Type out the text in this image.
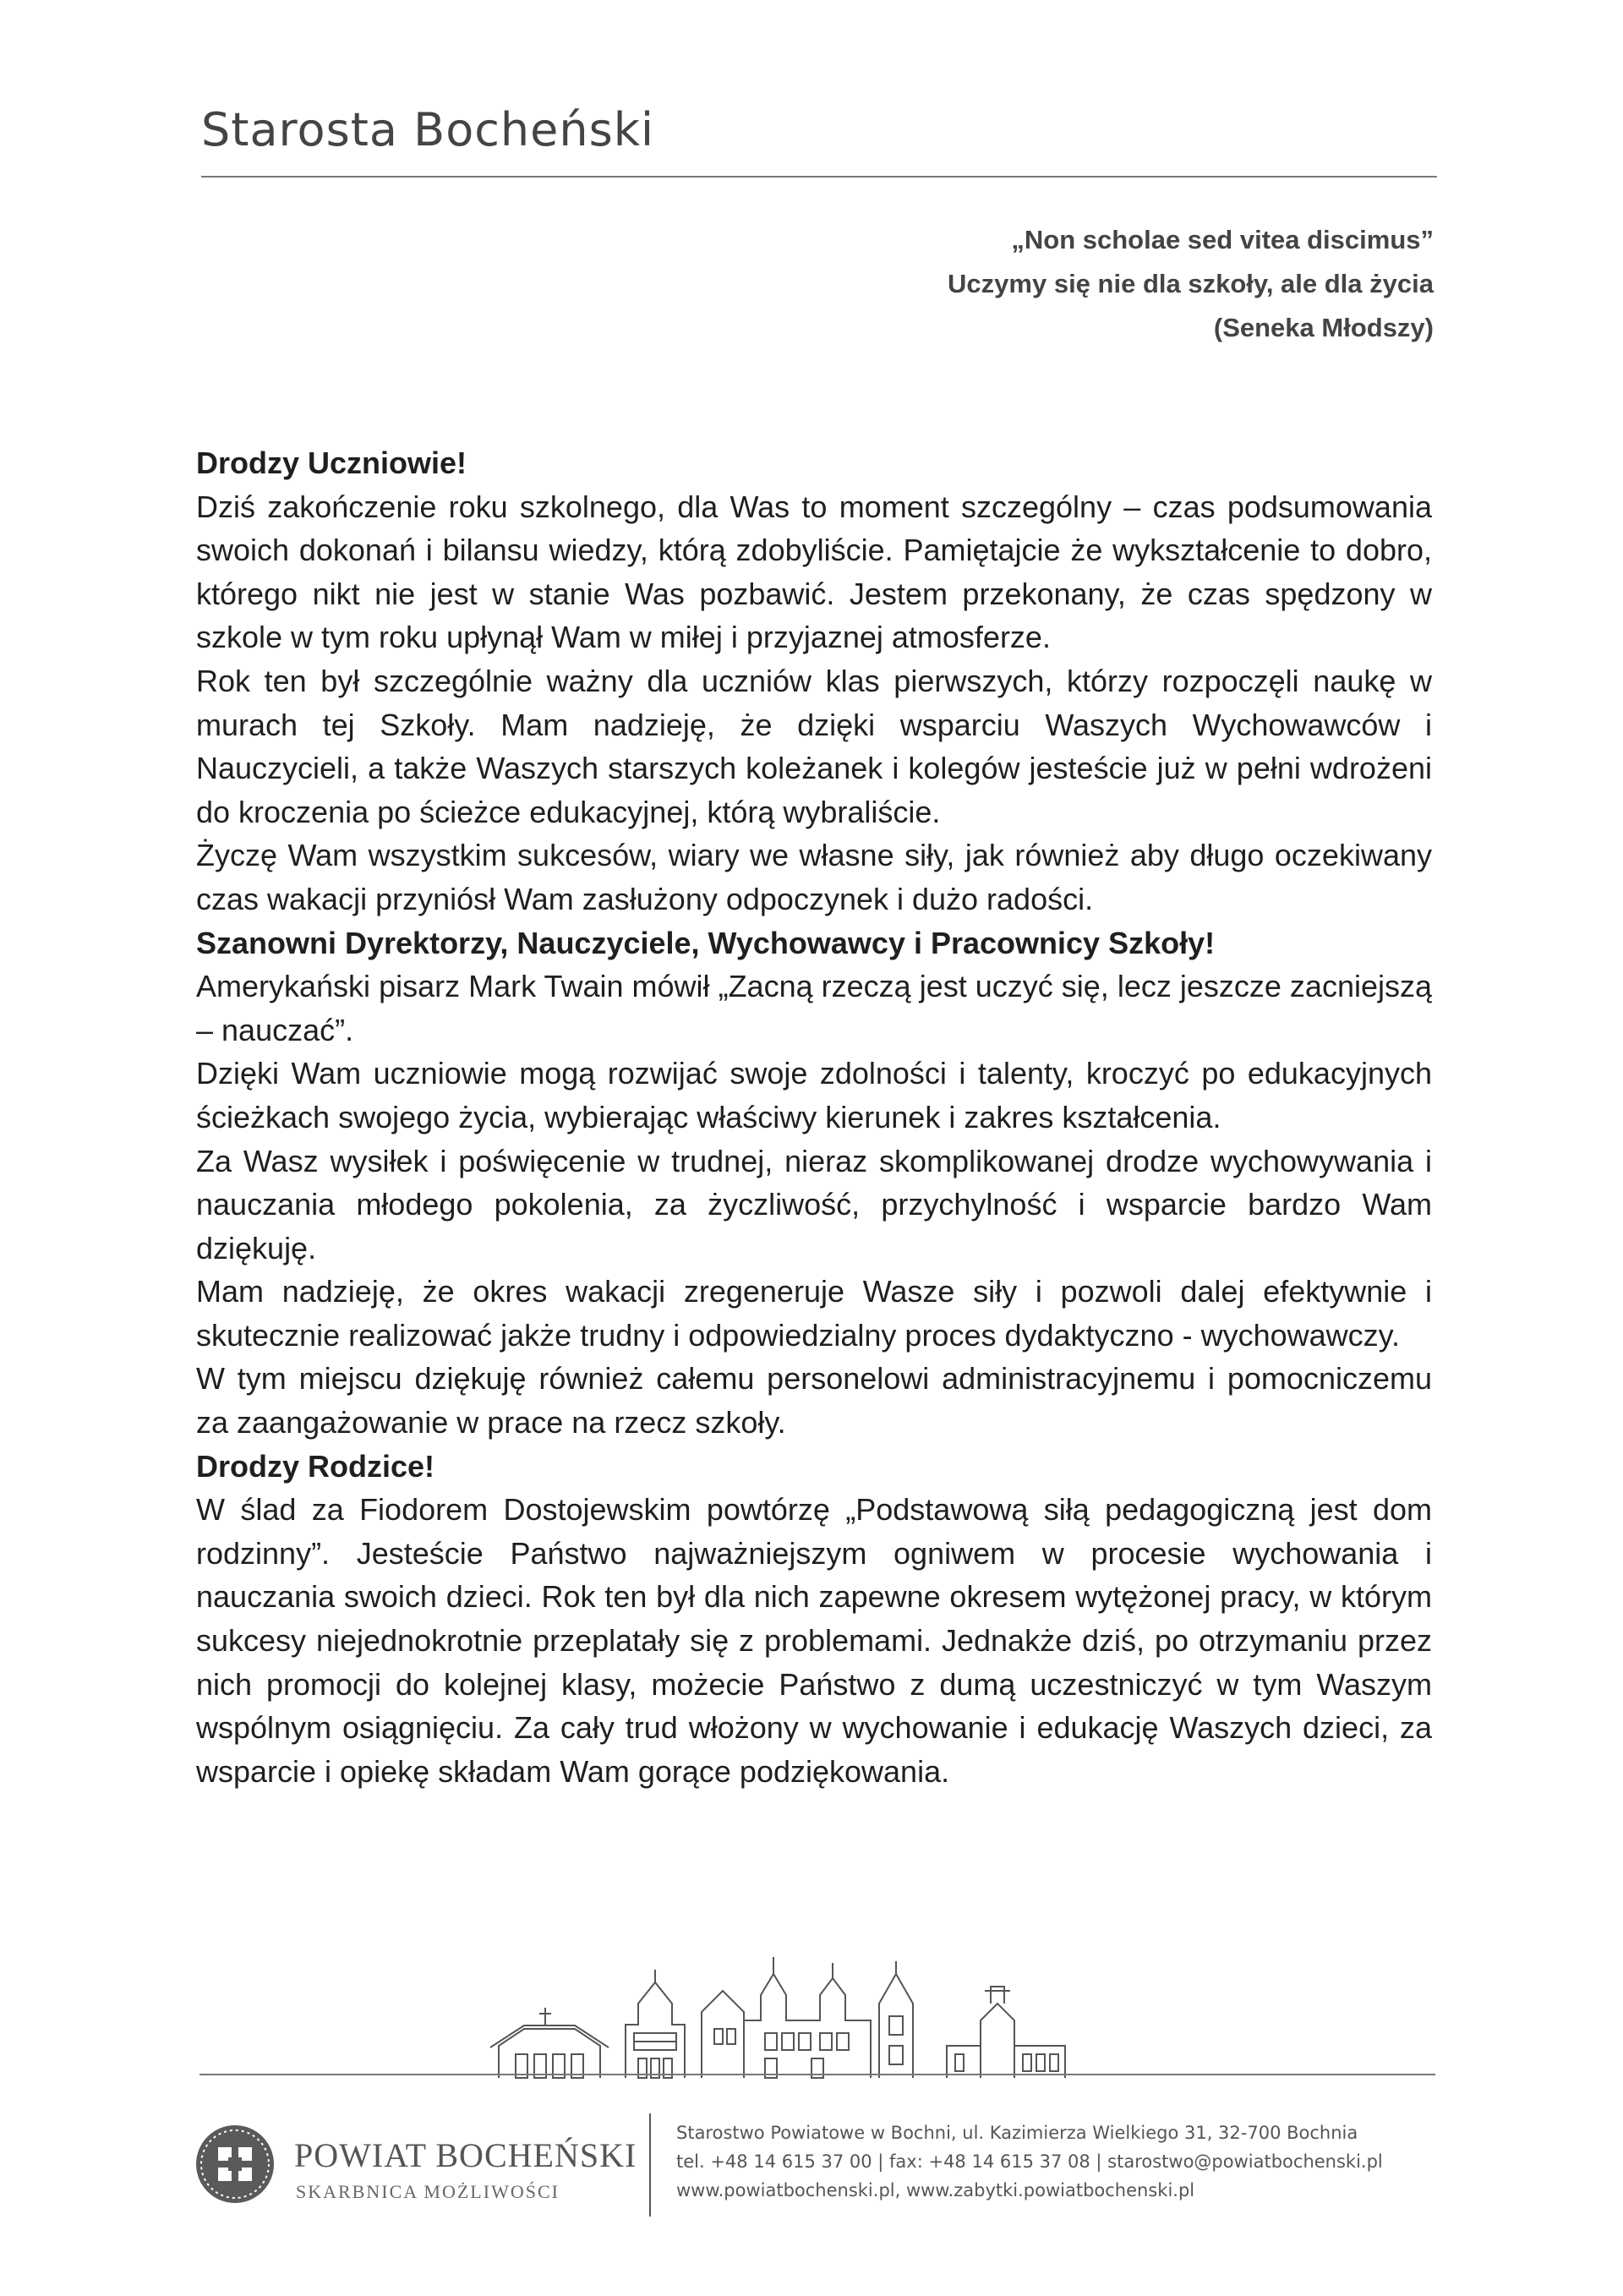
Starosta Bocheński
„Non scholae sed vitea discimus”
Uczymy się nie dla szkoły, ale dla życia
(Seneka Młodszy)

Drodzy Uczniowie!

Dziś zakończenie roku szkolnego, dla Was to moment szczególny – czas podsumowania swoich dokonań i bilansu wiedzy, którą zdobyliście. Pamiętajcie że wykształcenie to dobro, którego nikt nie jest w stanie Was pozbawić. Jestem przekonany, że czas spędzony w szkole w tym roku upłynął Wam w miłej i przyjaznej atmosferze.

Rok ten był szczególnie ważny dla uczniów klas pierwszych, którzy rozpoczęli naukę w murach tej Szkoły. Mam nadzieję, że dzięki wsparciu Waszych Wychowawców i Nauczycieli, a także Waszych starszych koleżanek i kolegów jesteście już w pełni wdrożeni do kroczenia po ścieżce edukacyjnej, którą wybraliście.

Życzę Wam wszystkim sukcesów, wiary we własne siły, jak również aby długo oczekiwany czas wakacji przyniósł Wam zasłużony odpoczynek i dużo radości.

Szanowni Dyrektorzy, Nauczyciele, Wychowawcy i Pracownicy Szkoły!

Amerykański pisarz Mark Twain mówił „Zacną rzeczą jest uczyć się, lecz jeszcze zacniejszą – nauczać”.

Dzięki Wam uczniowie mogą rozwijać swoje zdolności i talenty, kroczyć po edukacyjnych ścieżkach swojego życia, wybierając właściwy kierunek i zakres kształcenia.

Za Wasz wysiłek i poświęcenie w trudnej, nieraz skomplikowanej drodze wychowywania i nauczania młodego pokolenia, za życzliwość, przychylność i wsparcie bardzo Wam dziękuję.

Mam nadzieję, że okres wakacji zregeneruje Wasze siły i pozwoli dalej efektywnie i skutecznie realizować jakże trudny i odpowiedzialny proces dydaktyczno - wychowawczy.

W tym miejscu dziękuję również całemu personelowi administracyjnemu i pomocniczemu za zaangażowanie w prace na rzecz szkoły.

Drodzy Rodzice!

W ślad za Fiodorem Dostojewskim powtórzę „Podstawową siłą pedagogiczną jest dom rodzinny”. Jesteście Państwo najważniejszym ogniwem w procesie wychowania i nauczania swoich dzieci. Rok ten był dla nich zapewne okresem wytężonej pracy, w którym sukcesy niejednokrotnie przeplatały się z problemami. Jednakże dziś, po otrzymaniu przez nich promocji do kolejnej klasy, możecie Państwo z dumą uczestniczyć w tym Waszym wspólnym osiągnięciu. Za cały trud włożony w wychowanie i edukację Waszych dzieci, za wsparcie i opiekę składam Wam gorące podziękowania.

POWIAT BOCHEŃSKI
SKARBNICA MOŻLIWOŚCI
Starostwo Powiatowe w Bochni, ul. Kazimierza Wielkiego 31, 32-700 Bochnia
tel. +48 14 615 37 00 | fax: +48 14 615 37 08 | starostwo@powiatbochenski.pl
www.powiatbochenski.pl, www.zabytki.powiatbochenski.pl
